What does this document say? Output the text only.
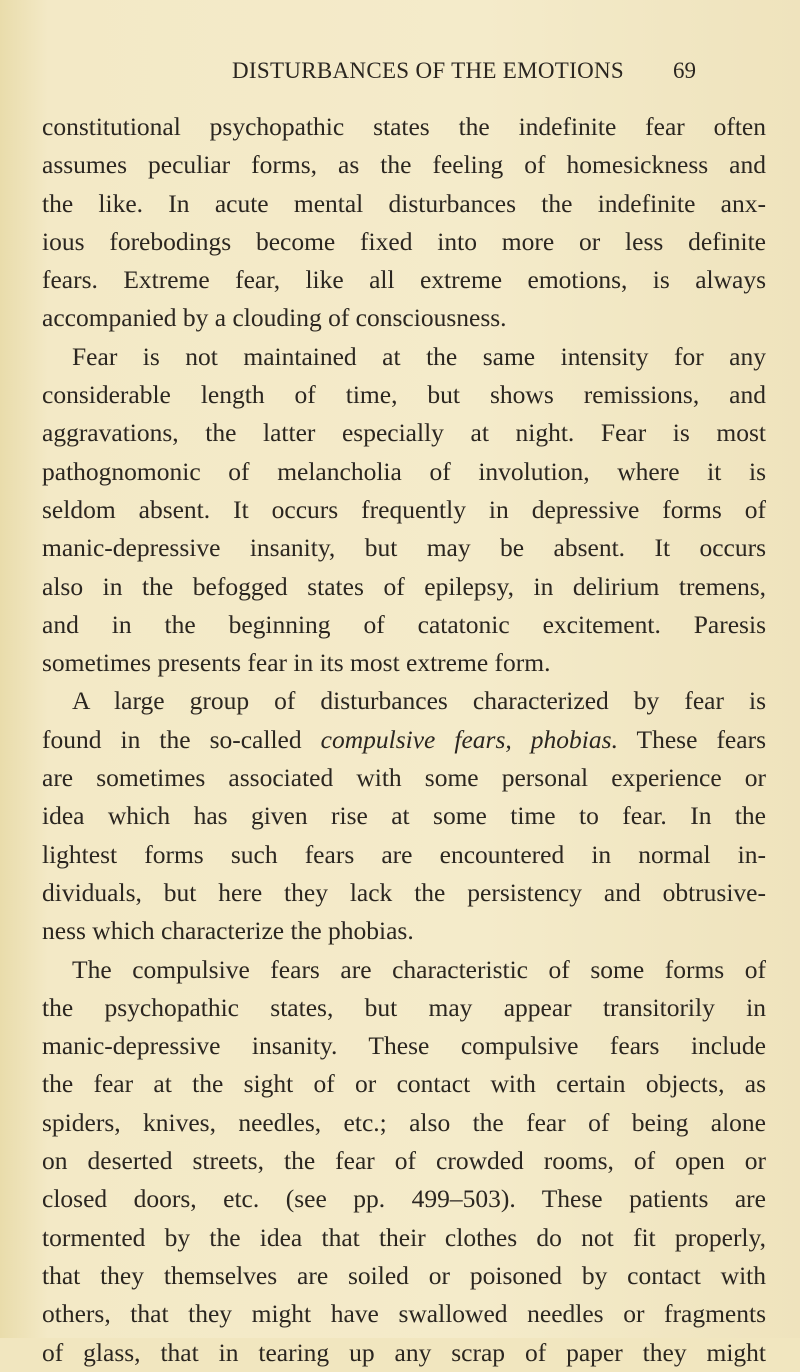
DISTURBANCES OF THE EMOTIONS 69
constitutional psychopathic states the indefinite fear often
assumes peculiar forms, as the feeling of homesickness and
the like. In acute mental disturbances the indefinite anx-
ious forebodings become fixed into more or less definite
fears. Extreme fear, like all extreme emotions, is always
accompanied by a clouding of consciousness.
Fear is not maintained at the same intensity for any
considerable length of time, but shows remissions, and
aggravations, the latter especially at night. Fear is most
pathognomonic of melancholia of involution, where it is
seldom absent. It occurs frequently in depressive forms of
manic-depressive insanity, but may be absent. It occurs
also in the befogged states of epilepsy, in delirium tremens,
and in the beginning of catatonic excitement. Paresis
sometimes presents fear in its most extreme form.
A large group of disturbances characterized by fear is
found in the so-called compulsive fears, phobias. These fears
are sometimes associated with some personal experience or
idea which has given rise at some time to fear. In the
lightest forms such fears are encountered in normal in-
dividuals, but here they lack the persistency and obtrusive-
ness which characterize the phobias.
The compulsive fears are characteristic of some forms of
the psychopathic states, but may appear transitorily in
manic-depressive insanity. These compulsive fears include
the fear at the sight of or contact with certain objects, as
spiders, knives, needles, etc.; also the fear of being alone
on deserted streets, the fear of crowded rooms, of open or
closed doors, etc. (see pp. 499–503). These patients are
tormented by the idea that their clothes do not fit properly,
that they themselves are soiled or poisoned by contact with
others, that they might have swallowed needles or fragments
of glass, that in tearing up any scrap of paper they might
